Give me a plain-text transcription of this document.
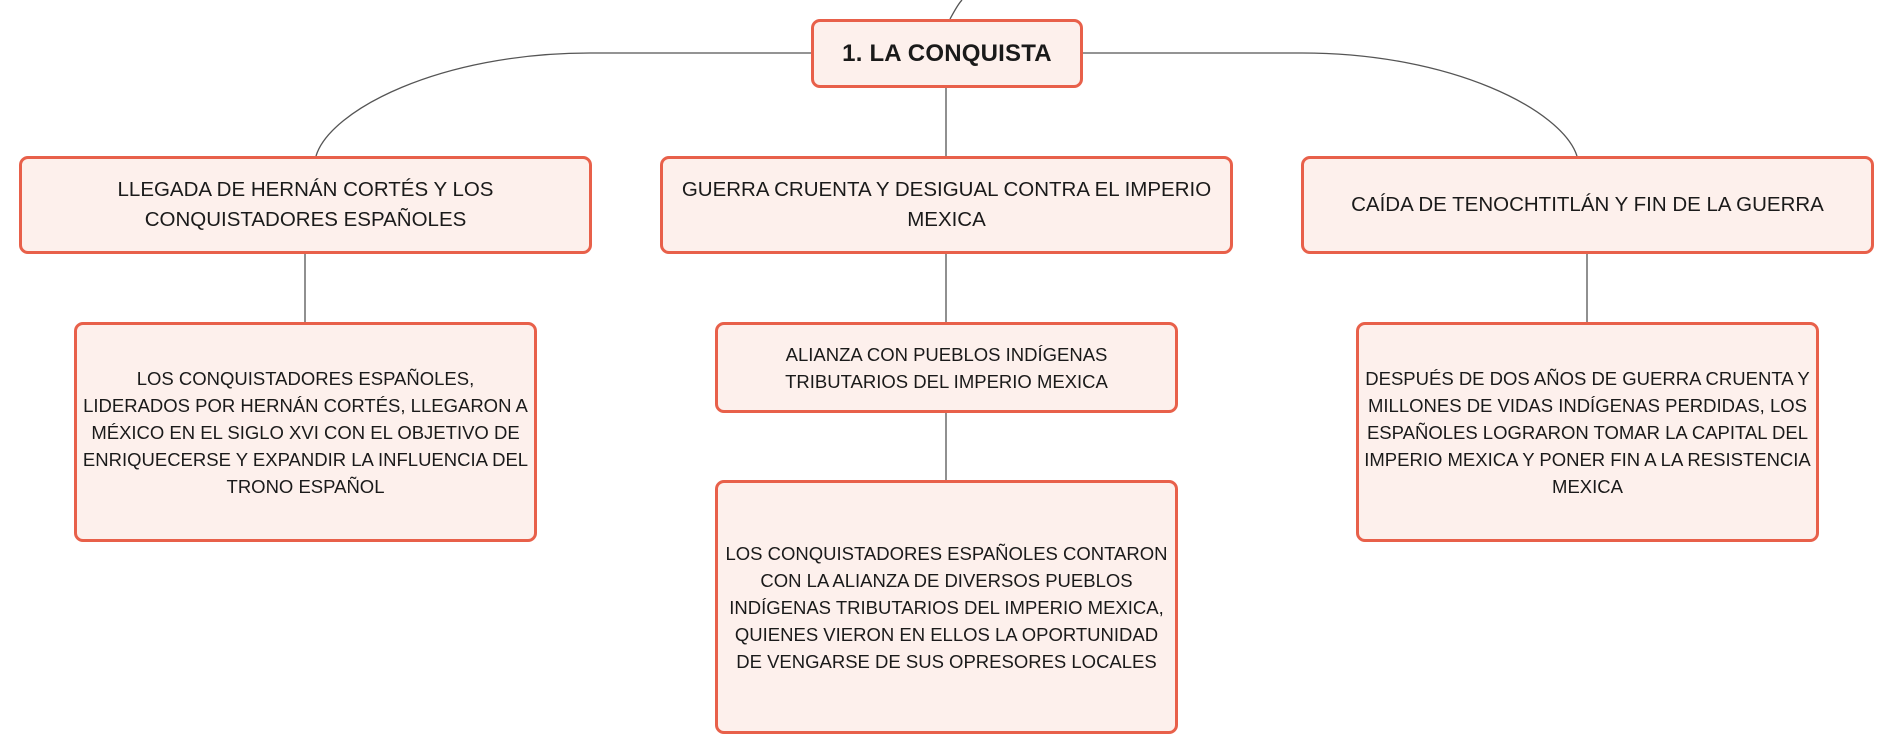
1. LA CONQUISTA
LLEGADA DE HERNÁN CORTÉS Y LOS CONQUISTADORES ESPAÑOLES
GUERRA CRUENTA Y DESIGUAL CONTRA EL IMPERIO MEXICA
CAÍDA DE TENOCHTITLÁN Y FIN DE LA GUERRA
LOS CONQUISTADORES ESPAÑOLES, LIDERADOS POR HERNÁN CORTÉS, LLEGARON A MÉXICO EN EL SIGLO XVI CON EL OBJETIVO DE ENRIQUECERSE Y EXPANDIR LA INFLUENCIA DEL TRONO ESPAÑOL
ALIANZA CON PUEBLOS INDÍGENAS TRIBUTARIOS DEL IMPERIO MEXICA
LOS CONQUISTADORES ESPAÑOLES CONTARON CON LA ALIANZA DE DIVERSOS PUEBLOS INDÍGENAS TRIBUTARIOS DEL IMPERIO MEXICA, QUIENES VIERON EN ELLOS LA OPORTUNIDAD DE VENGARSE DE SUS OPRESORES LOCALES
DESPUÉS DE DOS AÑOS DE GUERRA CRUENTA Y MILLONES DE VIDAS INDÍGENAS PERDIDAS, LOS ESPAÑOLES LOGRARON TOMAR LA CAPITAL DEL IMPERIO MEXICA Y PONER FIN A LA RESISTENCIA MEXICA
